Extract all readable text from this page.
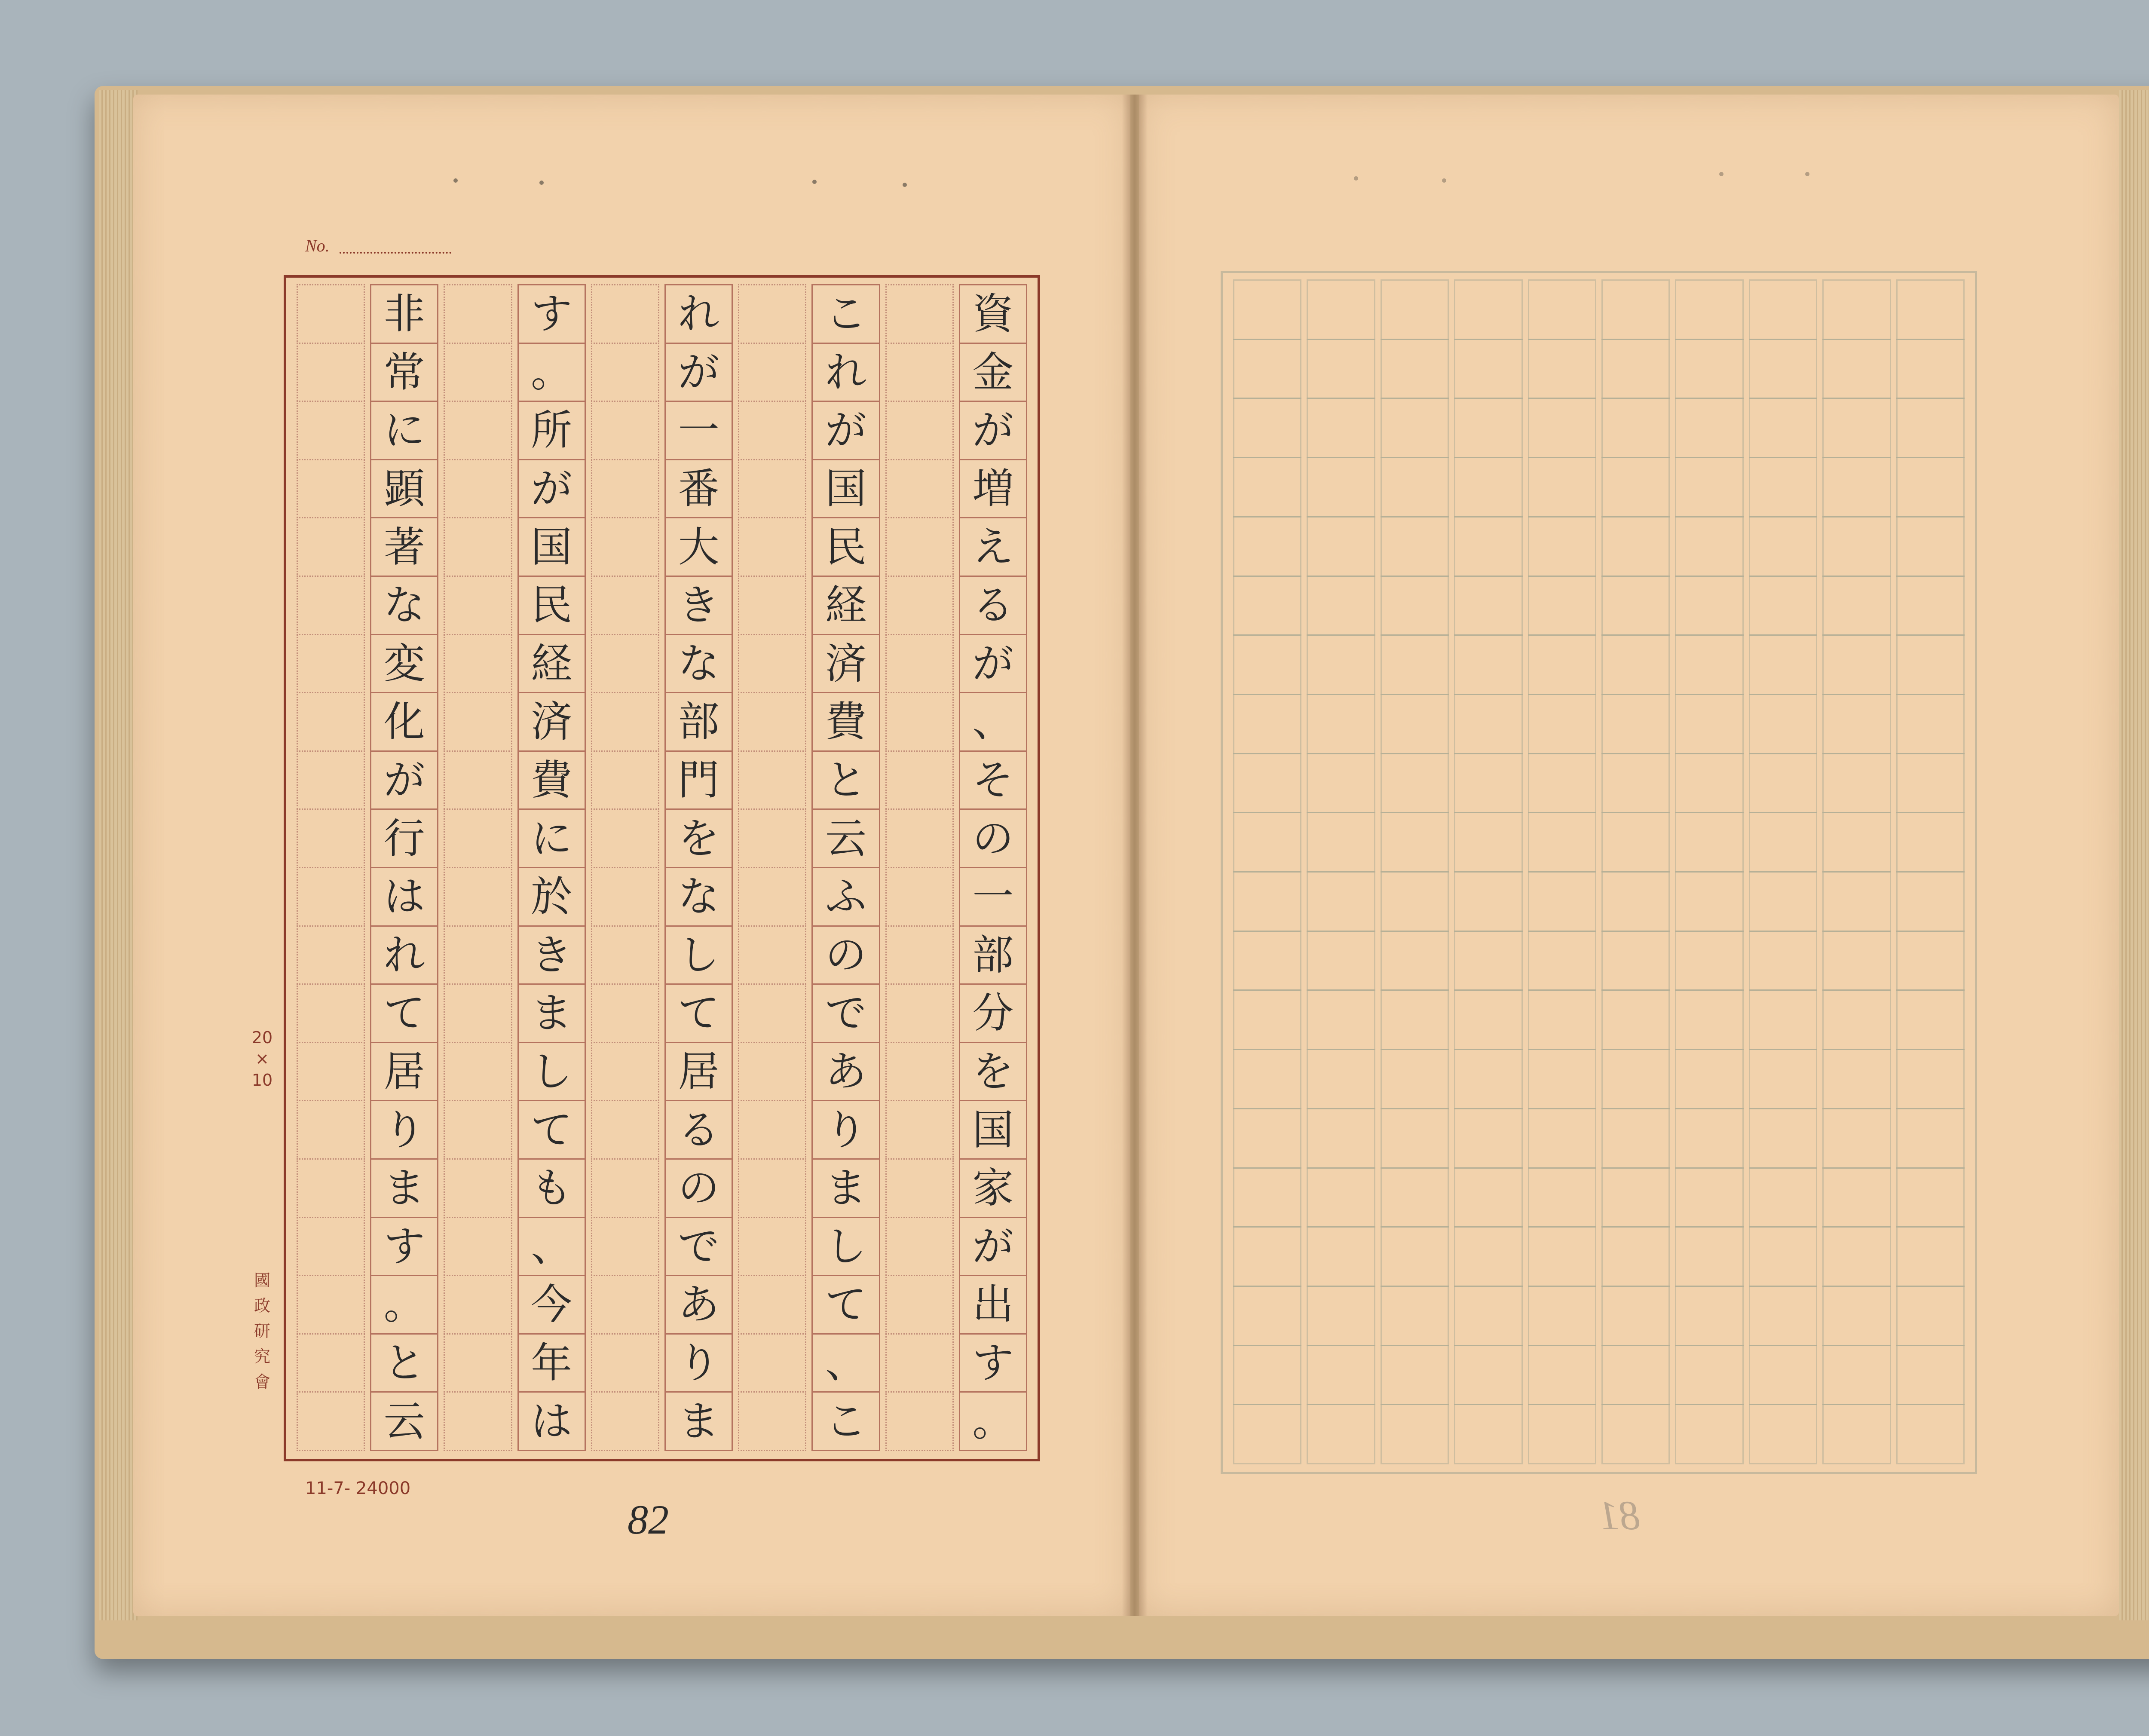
No.
資
金
が
増
え
る
が
、
そ
の
一
部
分
を
国
家
が
出
す
。
こ
れ
が
国
民
経
済
費
と
云
ふ
の
で
あ
り
ま
し
て
、
こ
れ
が
一
番
大
き
な
部
門
を
な
し
て
居
る
の
で
あ
り
ま
す
。
所
が
国
民
経
済
費
に
於
き
ま
し
て
も
、
今
年
は
非
常
に
顕
著
な
変
化
が
行
は
れ
て
居
り
ま
す
。
と
云
20
×
10
國
政
研
究
會
11-7- 24000
82	81
